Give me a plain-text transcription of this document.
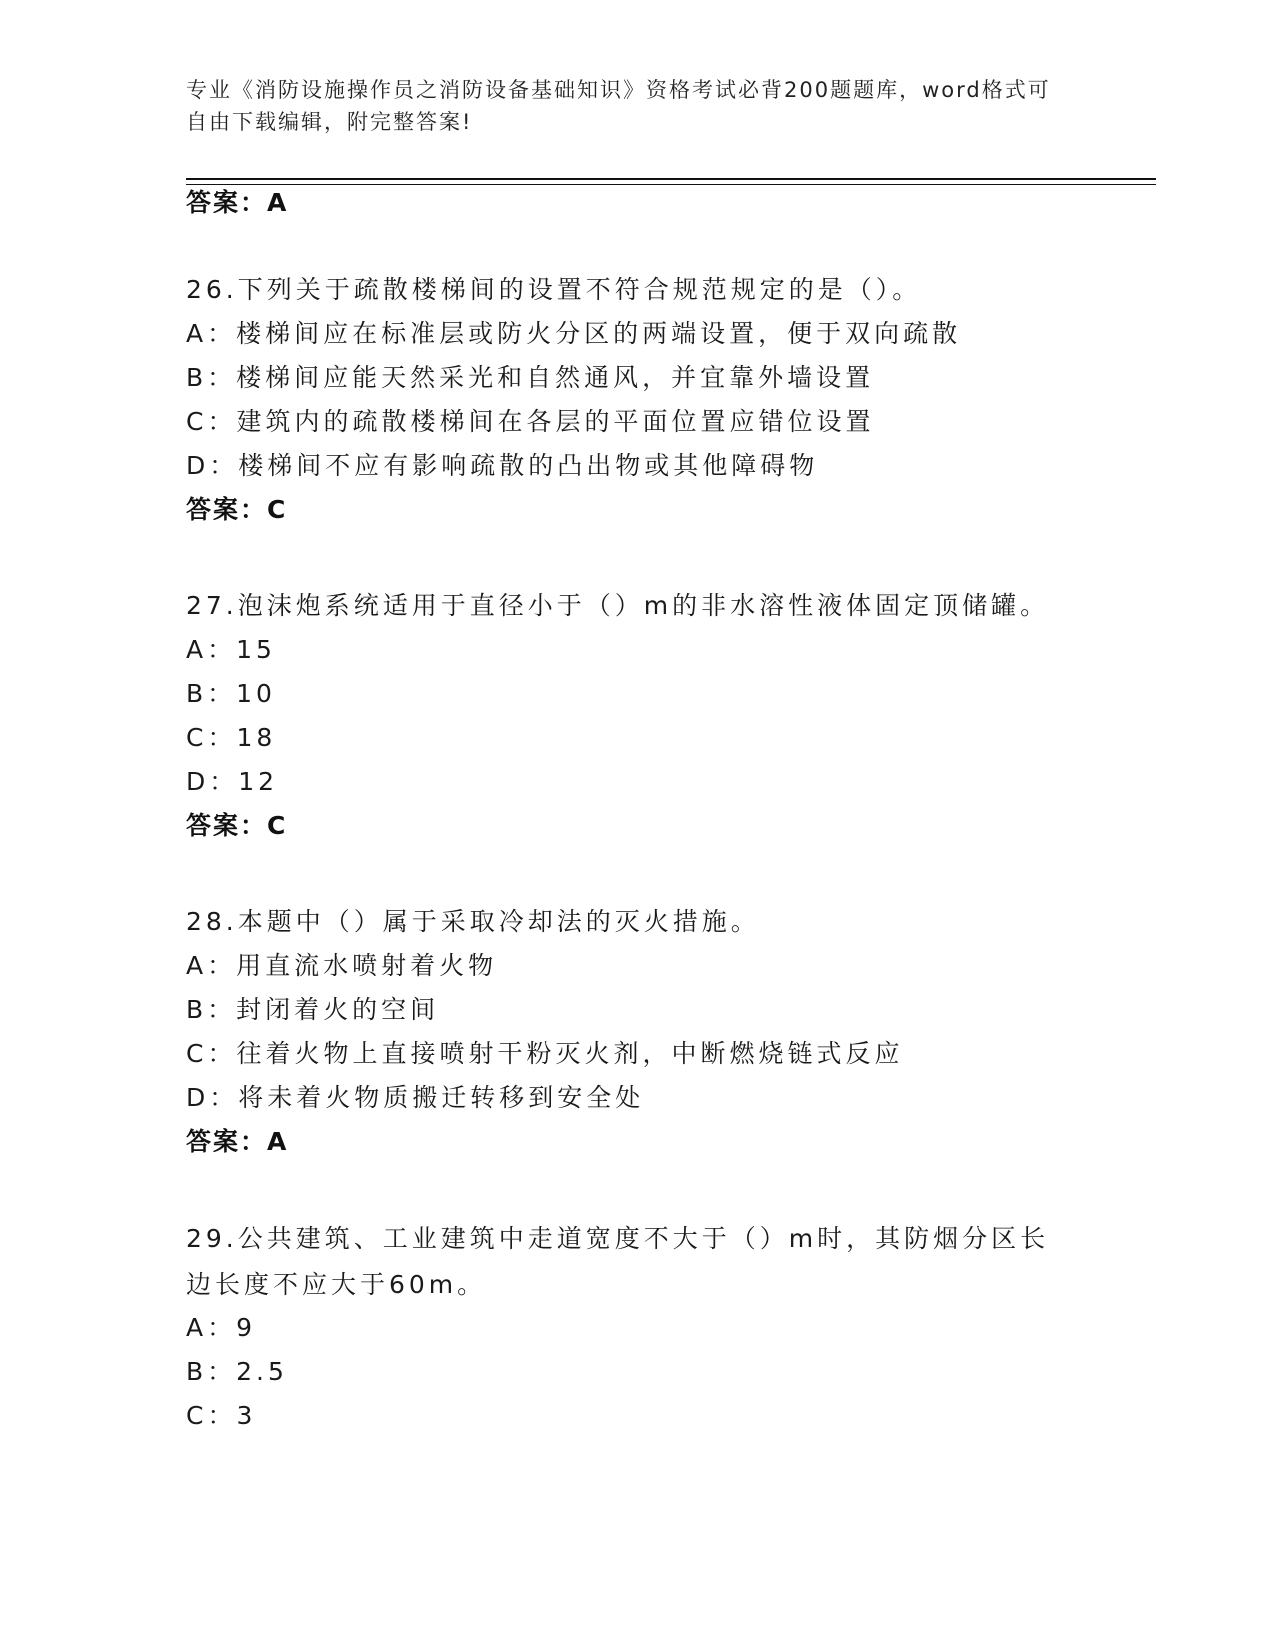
专业《消防设施操作员之消防设备基础知识》资格考试必背200题题库，word格式可自由下载编辑，附完整答案!
答案：A
26.下列关于疏散楼梯间的设置不符合规范规定的是（）。
A：楼梯间应在标准层或防火分区的两端设置，便于双向疏散
B：楼梯间应能天然采光和自然通风，并宜靠外墙设置
C：建筑内的疏散楼梯间在各层的平面位置应错位设置
D：楼梯间不应有影响疏散的凸出物或其他障碍物
答案：C
27.泡沫炮系统适用于直径小于（）m的非水溶性液体固定顶储罐。
A：15
B：10
C：18
D：12
答案：C
28.本题中（）属于采取冷却法的灭火措施。
A：用直流水喷射着火物
B：封闭着火的空间
C：往着火物上直接喷射干粉灭火剂，中断燃烧链式反应
D：将未着火物质搬迁转移到安全处
答案：A
29.公共建筑、工业建筑中走道宽度不大于（）m时，其防烟分区长边长度不应大于60m。
A：9
B：2.5
C：3
